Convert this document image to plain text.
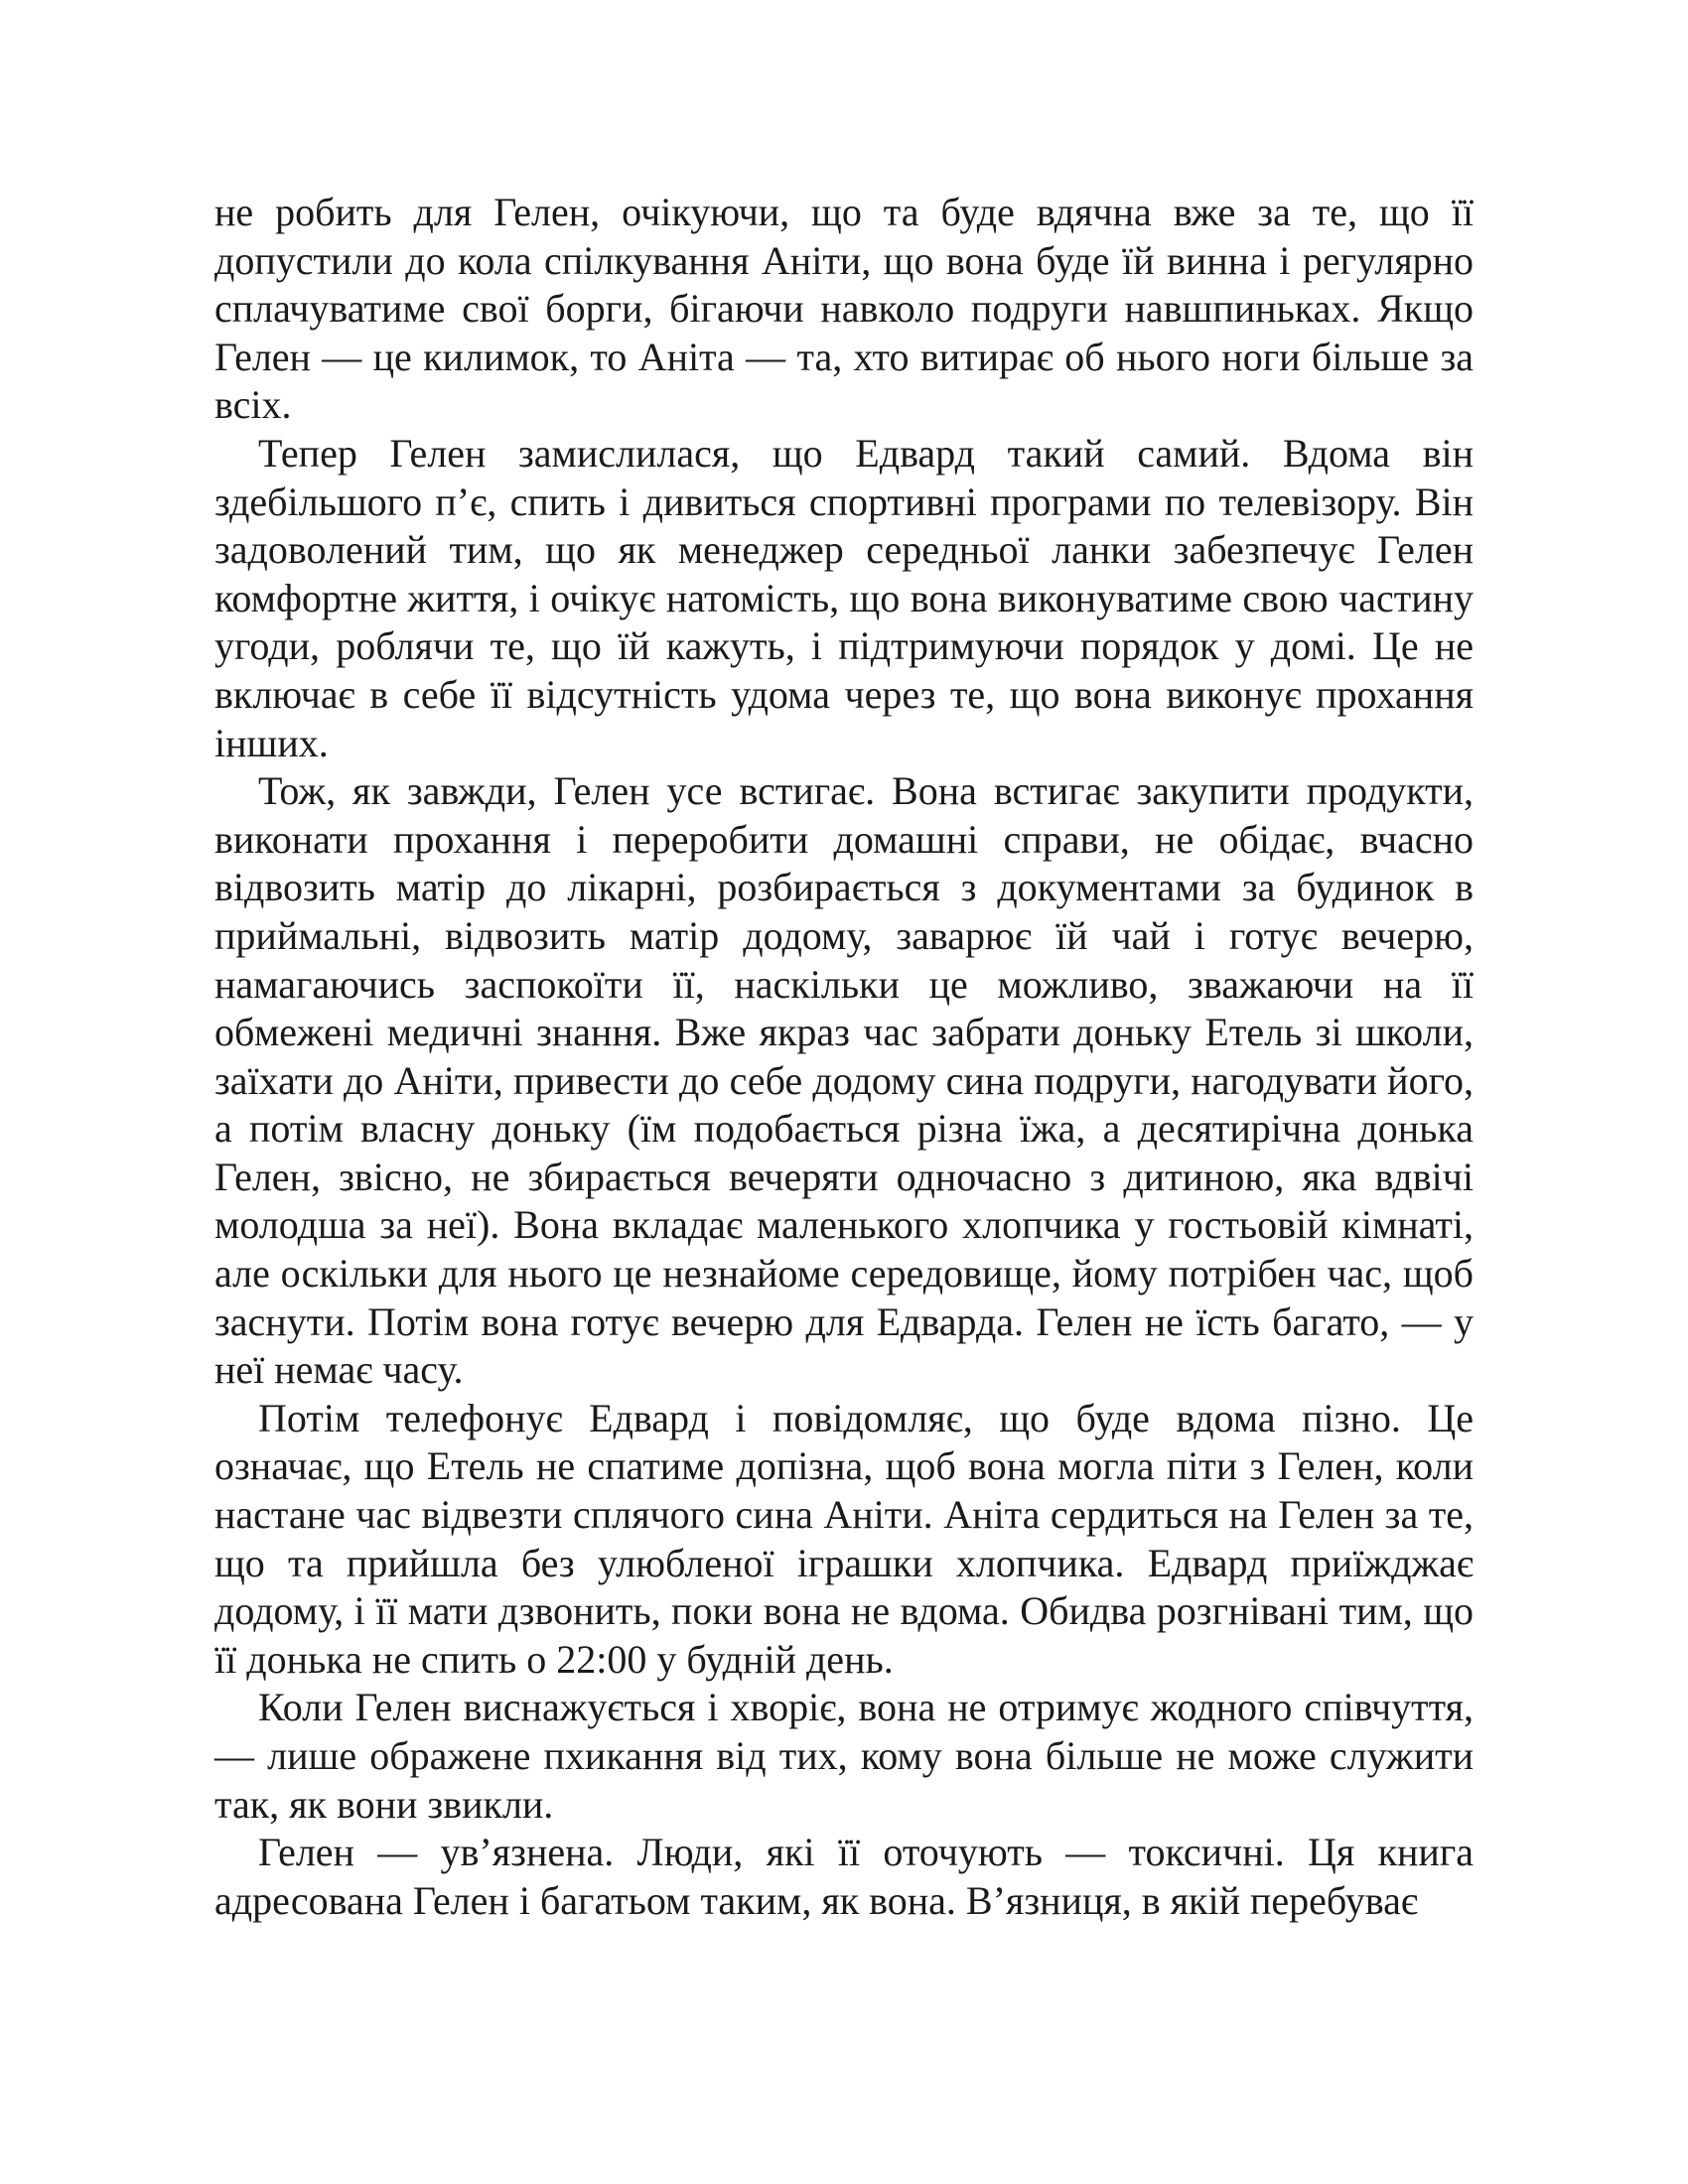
не робить для Гелен, очікуючи, що та буде вдячна вже за те, що її допустили до кола спілкування Аніти, що вона буде їй винна і регулярно сплачуватиме свої борги, бігаючи навколо подруги навшпиньках. Якщо Гелен — це килимок, то Аніта — та, хто витирає об нього ноги більше за всіх.

Тепер Гелен замислилася, що Едвард такий самий. Вдома він здебільшого п’є, спить і дивиться спортивні програми по телевізору. Він задоволений тим, що як менеджер середньої ланки забезпечує Гелен комфортне життя, і очікує натомість, що вона виконуватиме свою частину угоди, роблячи те, що їй кажуть, і підтримуючи порядок у домі. Це не включає в себе її відсутність удома через те, що вона виконує прохання інших.

Тож, як завжди, Гелен усе встигає. Вона встигає закупити продукти, виконати прохання і переробити домашні справи, не обідає, вчасно відвозить матір до лікарні, розбирається з документами за будинок в приймальні, відвозить матір додому, заварює їй чай і готує вечерю, намагаючись заспокоїти її, наскільки це можливо, зважаючи на її обмежені медичні знання. Вже якраз час забрати доньку Етель зі школи, заїхати до Аніти, привести до себе додому сина подруги, нагодувати його, а потім власну доньку (їм подобається різна їжа, а десятирічна донька Гелен, звісно, не збирається вечеряти одночасно з дитиною, яка вдвічі молодша за неї). Вона вкладає маленького хлопчика у гостьовій кімнаті, але оскільки для нього це незнайоме середовище, йому потрібен час, щоб заснути. Потім вона готує вечерю для Едварда. Гелен не їсть багато, — у неї немає часу.

Потім телефонує Едвард і повідомляє, що буде вдома пізно. Це означає, що Етель не спатиме допізна, щоб вона могла піти з Гелен, коли настане час відвезти сплячого сина Аніти. Аніта сердиться на Гелен за те, що та прийшла без улюбленої іграшки хлопчика. Едвард приїжджає додому, і її мати дзвонить, поки вона не вдома. Обидва розгнівані тим, що її донька не спить о 22:00 у будній день.

Коли Гелен виснажується і хворіє, вона не отримує жодного співчуття, — лише ображене пхикання від тих, кому вона більше не може служити так, як вони звикли.

Гелен — ув’язнена. Люди, які її оточують — токсичні. Ця книга адресована Гелен і багатьом таким, як вона. В’язниця, в якій перебуває
